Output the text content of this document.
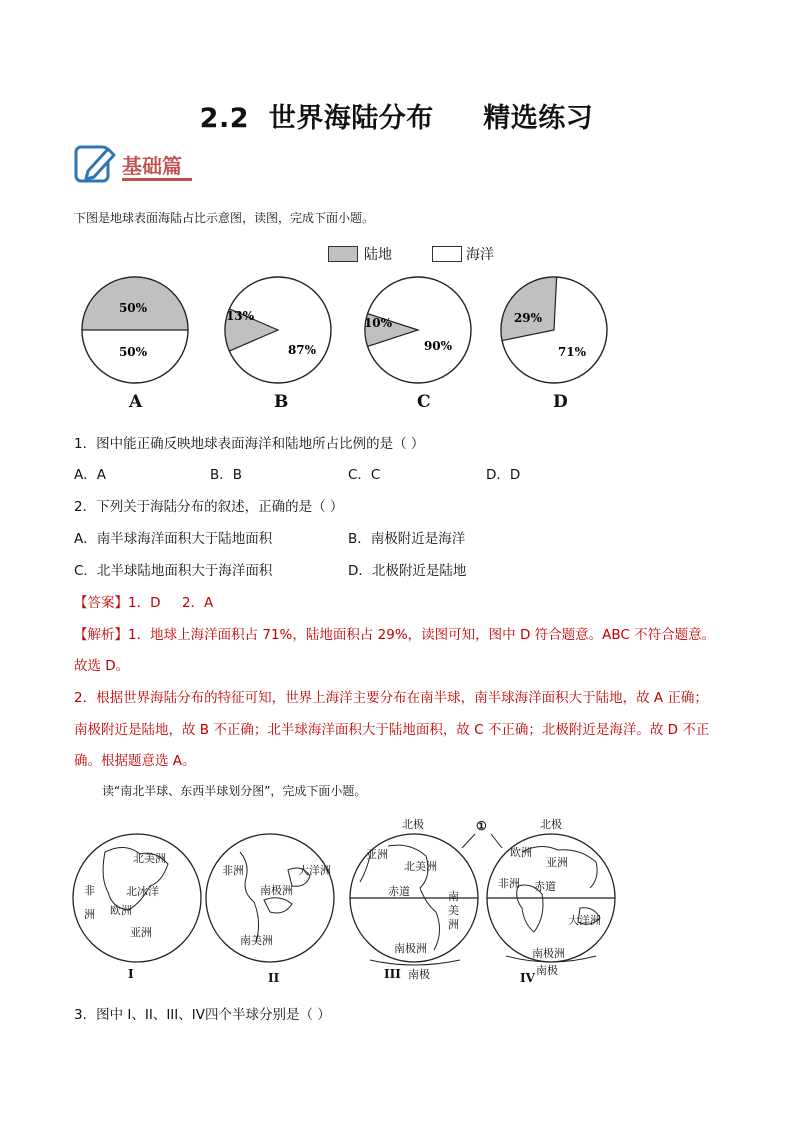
2.2  世界海陆分布     精选练习
基础篇
下图是地球表面海陆占比示意图，读图，完成下面小题。
陆地	海洋
50%
50%
13%
87%
10%
90%
29%
71%
A	B	C	D
1．图中能正确反映地球表面海洋和陆地所占比例的是（ ）
A．A	B．B	C．C	D．D
2．下列关于海陆分布的叙述，正确的是（ ）
A．南半球海洋面积大于陆地面积	B．南极附近是海洋
C．北半球陆地面积大于海洋面积	D．北极附近是陆地
【答案】1．D     2．A
【解析】1．地球上海洋面积占 71%，陆地面积占 29%，读图可知，图中 D 符合题意。ABC 不符合题意。
故选 D。
2．根据世界海陆分布的特征可知，世界上海洋主要分布在南半球，南半球海洋面积大于陆地，故 A 正确；
南极附近是陆地，故 B 不正确；北半球海洋面积大于陆地面积，故 C 不正确；北极附近是海洋。故 D 不正
确。根据题意选 A。
读“南北半球、东西半球划分图”，完成下面小题。
北美洲
非	北冰洋
欧洲
洲
亚洲
非洲	大洋洲
南极洲
南美洲
北极
亚洲
北美洲
赤道	南
美
洲
南极洲
南极
北极
欧洲
亚洲
非洲 赤道
大洋洲
南极洲
南极
I	II	III	IV
①
3．图中 I、II、III、IV四个半球分别是（ ）
